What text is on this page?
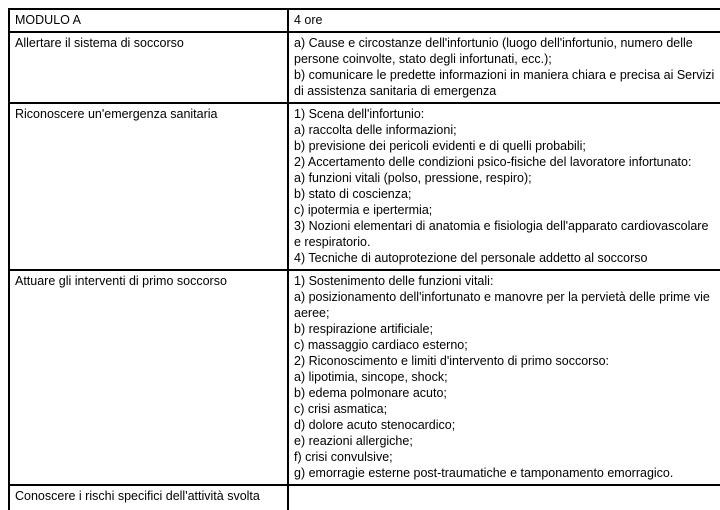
MODULO A	4 ore
Allertare il sistema di soccorso	a) Cause e circostanze dell'infortunio (luogo dell'infortunio, numero delle persone coinvolte, stato degli infortunati, ecc.);
b) comunicare le predette informazioni in maniera chiara e precisa ai Servizi di assistenza sanitaria di emergenza

Riconoscere un'emergenza sanitaria	1) Scena dell'infortunio:
a) raccolta delle informazioni;
b) previsione dei pericoli evidenti e di quelli probabili;
2) Accertamento delle condizioni psico-fisiche del lavoratore infortunato:
a) funzioni vitali (polso, pressione, respiro);
b) stato di coscienza;
c) ipotermia e ipertermia;
3) Nozioni elementari di anatomia e fisiologia dell'apparato cardiovascolare e respiratorio.
4) Tecniche di autoprotezione del personale addetto al soccorso

Attuare gli interventi di primo soccorso	1) Sostenimento delle funzioni vitali:
a) posizionamento dell'infortunato e manovre per la pervietà delle prime vie aeree;
b) respirazione artificiale;
c) massaggio cardiaco esterno;
2) Riconoscimento e limiti d'intervento di primo soccorso:
a) lipotimia, sincope, shock;
b) edema polmonare acuto;
c) crisi asmatica;
d) dolore acuto stenocardico;
e) reazioni allergiche;
f) crisi convulsive;
g) emorragie esterne post-traumatiche e tamponamento emorragico.

Conoscere i rischi specifici dell'attività svolta	
